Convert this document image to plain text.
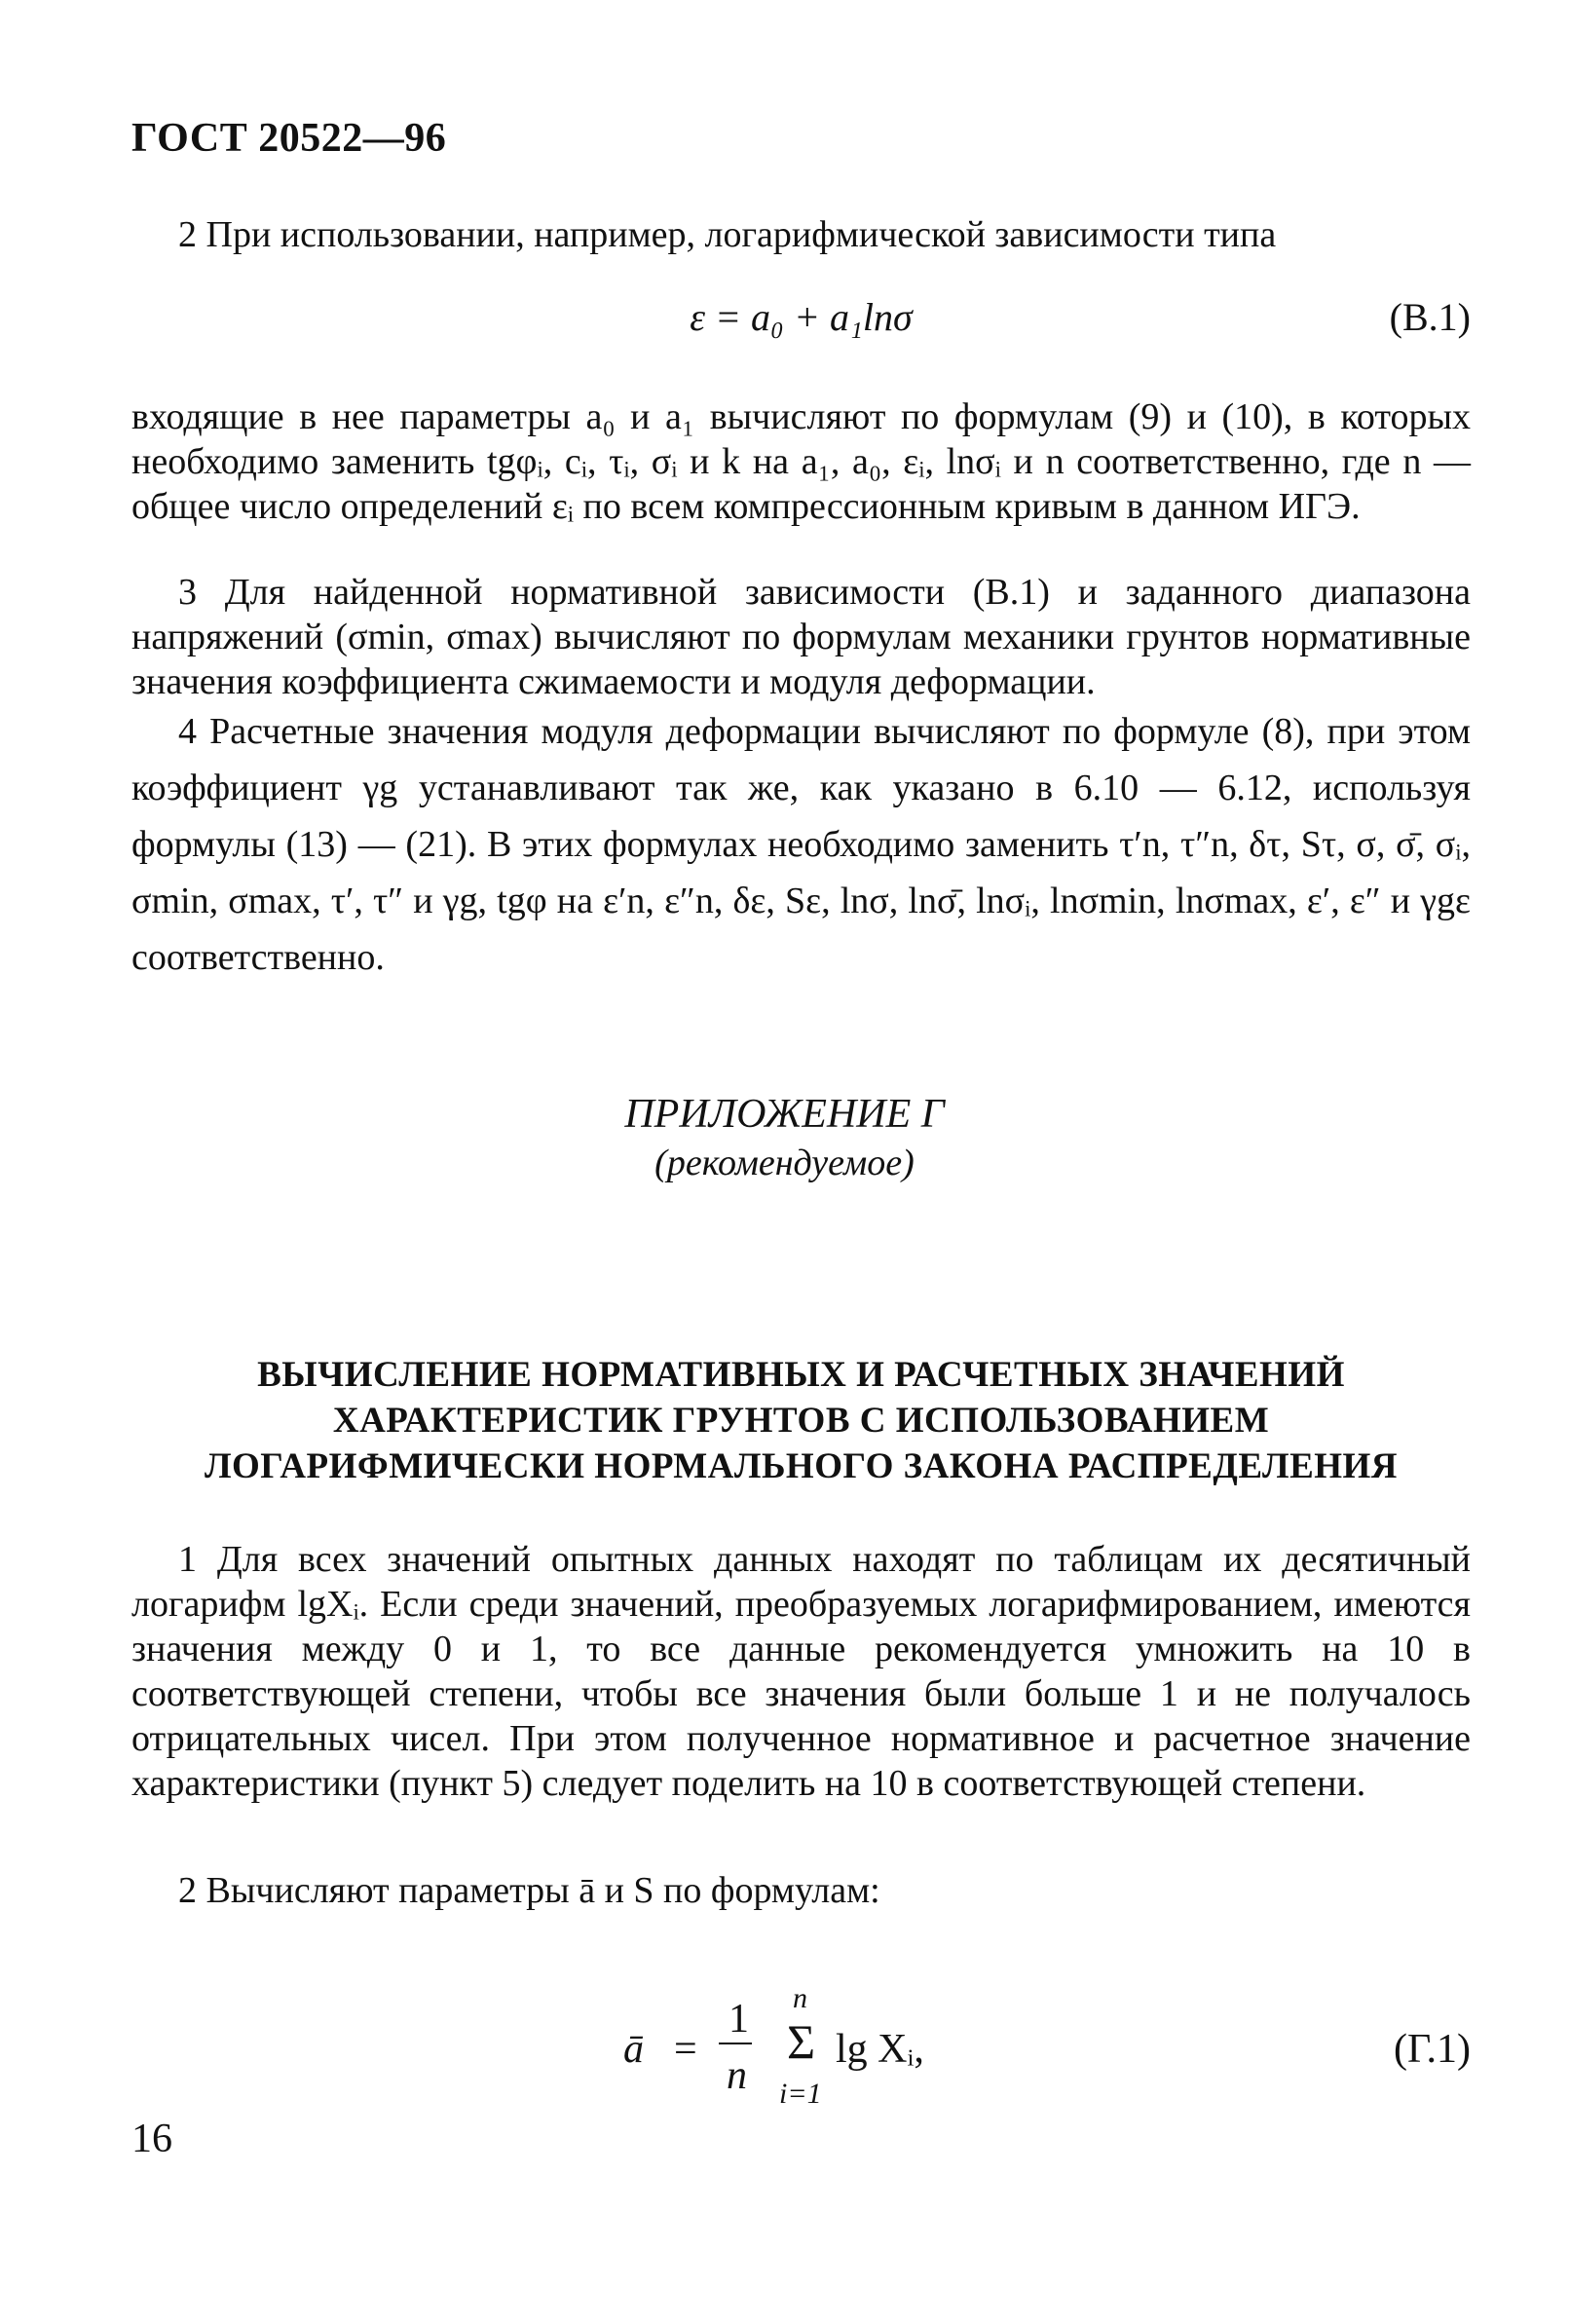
ГОСТ 20522—96

2 При использовании, например, логарифмической зависимости типа

ε = a₀ + a₁lnσ	(В.1)

входящие в нее параметры a₀ и a₁ вычисляют по формулам (9) и (10), в которых необходимо заменить tgφᵢ, cᵢ, τᵢ, σᵢ и k на a₁, a₀, εᵢ, lnσᵢ и n соответственно, где n — общее число определений εᵢ по всем компрессионным кривым в данном ИГЭ.

3 Для найденной нормативной зависимости (В.1) и заданного диапазона напряжений (σmin, σmax) вычисляют по формулам механики грунтов нормативные значения коэффициента сжимаемости и модуля деформации.

4 Расчетные значения модуля деформации вычисляют по формуле (8), при этом коэффициент γg устанавливают так же, как указано в 6.10 — 6.12, используя формулы (13) — (21). В этих формулах необходимо заменить τ′n, τ″n, δτ, Sτ, σ, σ̄, σᵢ, σmin, σmax, τ′, τ″ и γg, tgφ на ε′n, ε″n, δε, Sε, lnσ, lnσ̄, lnσᵢ, lnσmin, lnσmax, ε′, ε″ и γgε соответственно.

ПРИЛОЖЕНИЕ Г
(рекомендуемое)
ВЫЧИСЛЕНИЕ НОРМАТИВНЫХ И РАСЧЕТНЫХ ЗНАЧЕНИЙ
ХАРАКТЕРИСТИК ГРУНТОВ С ИСПОЛЬЗОВАНИЕМ
ЛОГАРИФМИЧЕСКИ НОРМАЛЬНОГО ЗАКОНА РАСПРЕДЕЛЕНИЯ

1 Для всех значений опытных данных находят по таблицам их десятичный логарифм lgXᵢ. Если среди значений, преобразуемых логарифмированием, имеются значения между 0 и 1, то все данные рекомендуется умножить на 10 в соответствующей степени, чтобы все значения были больше 1 и не получалось отрицательных чисел. При этом полученное нормативное и расчетное значение характеристики (пункт 5) следует поделить на 10 в соответствующей степени.

2 Вычисляют параметры ā и S по формулам:

ā =
1
n
n
Σ
i=1
lg Xᵢ,	(Г.1)
16
